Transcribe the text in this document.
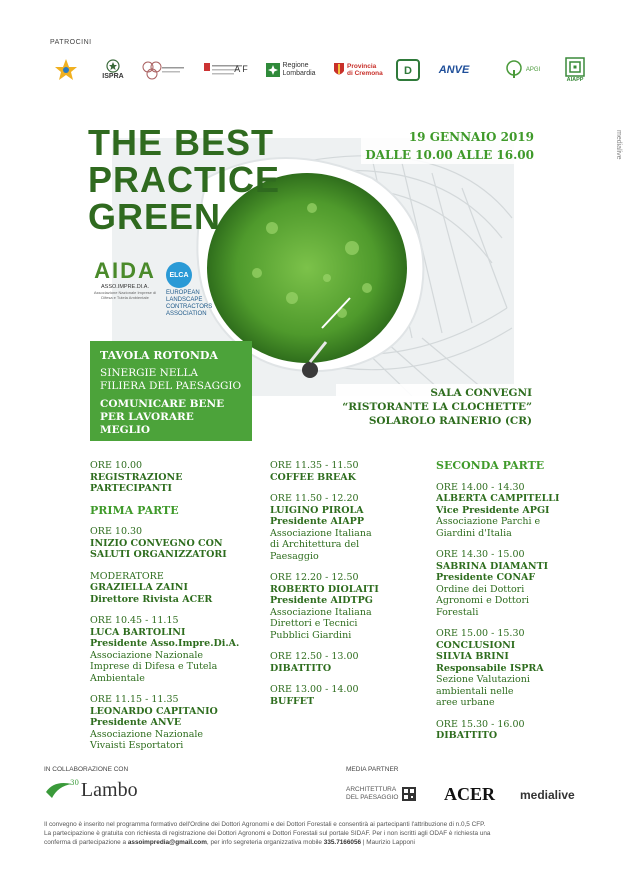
PATROCINI
ISPRA
A F	Regione Lombardia
Provincia di Cremona D ANVE	APGI
AIAPP
medialive
THE BEST
PRACTICE
GREEN
19 GENNAIO 2019
DALLE 10.00 ALLE 16.00
AIDA
ASSO.IMPRE.DI.A.
Associazione Nazionale Imprese di Difesa e Tutela Ambientale
ELCA
EUROPEAN LANDSCAPE CONTRACTORS ASSOCIATION
TAVOLA ROTONDA
SINERGIE NELLA FILIERA DEL PAESAGGIO
COMUNICARE BENE PER LAVORARE MEGLIO
SALA CONVEGNI
“RISTORANTE LA CLOCHETTE”
SOLAROLO RAINERIO (CR)
ORE 10.00
REGISTRAZIONE PARTECIPANTI
PRIMA PARTE
ORE 10.30
INIZIO CONVEGNO CON SALUTI ORGANIZZATORI
MODERATORE
GRAZIELLA ZAINI
Direttore Rivista ACER
ORE 10.45 - 11.15
LUCA BARTOLINI
Presidente Asso.Impre.Di.A.
Associazione Nazionale Imprese di Difesa e Tutela Ambientale
ORE 11.15 - 11.35
LEONARDO CAPITANIO
Presidente ANVE
Associazione Nazionale Vivaisti Esportatori
ORE 11.35 - 11.50
COFFEE BREAK
ORE 11.50 - 12.20
LUIGINO PIROLA
Presidente AIAPP
Associazione Italiana di Architettura del Paesaggio
ORE 12.20 - 12.50
ROBERTO DIOLAITI
Presidente AIDTPG
Associazione Italiana Direttori e Tecnici Pubblici Giardini
ORE 12.50 - 13.00
DIBATTITO
ORE 13.00 - 14.00
BUFFET
SECONDA PARTE
ORE 14.00 - 14.30
ALBERTA CAMPITELLI
Vice Presidente APGI
Associazione Parchi e Giardini d'Italia
ORE 14.30 - 15.00
SABRINA DIAMANTI
Presidente CONAF
Ordine dei Dottori Agronomi e Dottori Forestali
ORE 15.00 - 15.30
CONCLUSIONI
SILVIA BRINI
Responsabile ISPRA
Sezione Valutazioni ambientali nelle aree urbane
ORE 15.30 - 16.00
DIBATTITO
IN COLLABORAZIONE CON
30 Lambo
MEDIA PARTNER
ARCHITETTURA
DEL PAESAGGIO	ACER medialive
Il convegno è inserito nel programma formativo dell'Ordine dei Dottori Agronomi e dei Dottori Forestali e consentirà ai partecipanti l'attribuzione di n.0,5 CFP.
La partecipazione è gratuita con richiesta di registrazione dei Dottori Agronomi e Dottori Forestali sul portale SIDAF. Per i non iscritti agli ODAF è richiesta una
conferma di partecipazione a assoimpredia@gmail.com, per info segreteria organizzativa mobile 335.7166056 | Maurizio Lapponi
